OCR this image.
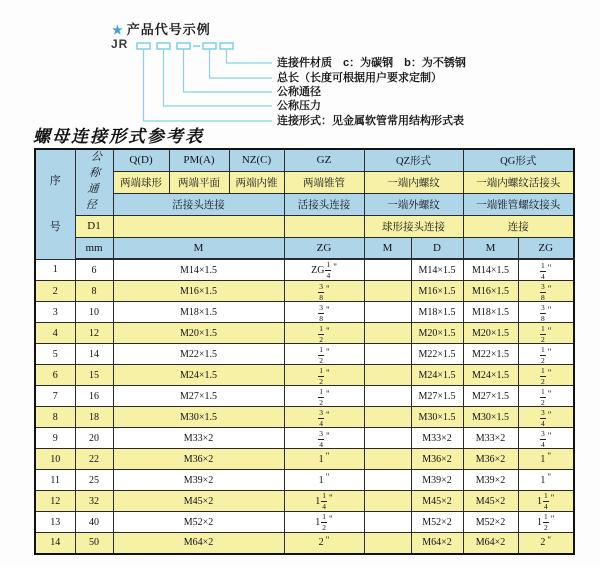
★ 产品代号示例
JR
连接件材质　c：为碳钢　b：为不锈钢
总长（长度可根据用户要求定制）
公称通径
公称压力
连接形式：见金属软管常用结构形式表
螺母连接形式参考表
序号	公称通径	Q(D)	PM(A)	NZ(C)	GZ	QZ形式		QG形式	
		两端球形	两端平面	两端内锥	两端锥管	一端内螺纹		一端内螺纹活接头	
		活接头连接			活接头连接	一端外螺纹		一端锥管螺纹接头	
	D1					球形接头连接		连接	
	mm	M			ZG	M	D	M	ZG
1	6	M14×1.5			ZG $\frac{1}{4}$ "		M14×1.5	M14×1.5	$\frac{1}{4}$ "

2	8	M16×1.5			$\frac{3}{8}$ "		M16×1.5	M16×1.5	$\frac{3}{8}$ "

3	10	M18×1.5			$\frac{3}{8}$ "		M18×1.5	M18×1.5	$\frac{3}{8}$ "

4	12	M20×1.5			$\frac{1}{2}$ "		M20×1.5	M20×1.5	$\frac{1}{2}$ "

5	14	M22×1.5			$\frac{1}{2}$ "		M22×1.5	M22×1.5	$\frac{1}{2}$ "

6	15	M24×1.5			$\frac{1}{2}$ "		M24×1.5	M24×1.5	$\frac{1}{2}$ "

7	16	M27×1.5			$\frac{1}{2}$ "		M27×1.5	M27×1.5	$\frac{1}{2}$ "

8	18	M30×1.5			$\frac{3}{4}$ "		M30×1.5	M30×1.5	$\frac{3}{4}$ "

9	20	M33×2			$\frac{3}{4}$ "		M33×2	M33×2	$\frac{3}{4}$ "

10	22	M36×2			1 "		M36×2	M36×2	1 "

11	25	M39×2			1 "		M39×2	M39×2	1 "

12	32	M45×2			$1 \frac{1}{4}$ "		M45×2	M45×2	$1 \frac{1}{4}$ "

13	40	M52×2			$1 \frac{1}{2}$ "		M52×2	M52×2	$1 \frac{1}{2}$ "

14	50	M64×2			2 "		M64×2	M64×2	2 "
